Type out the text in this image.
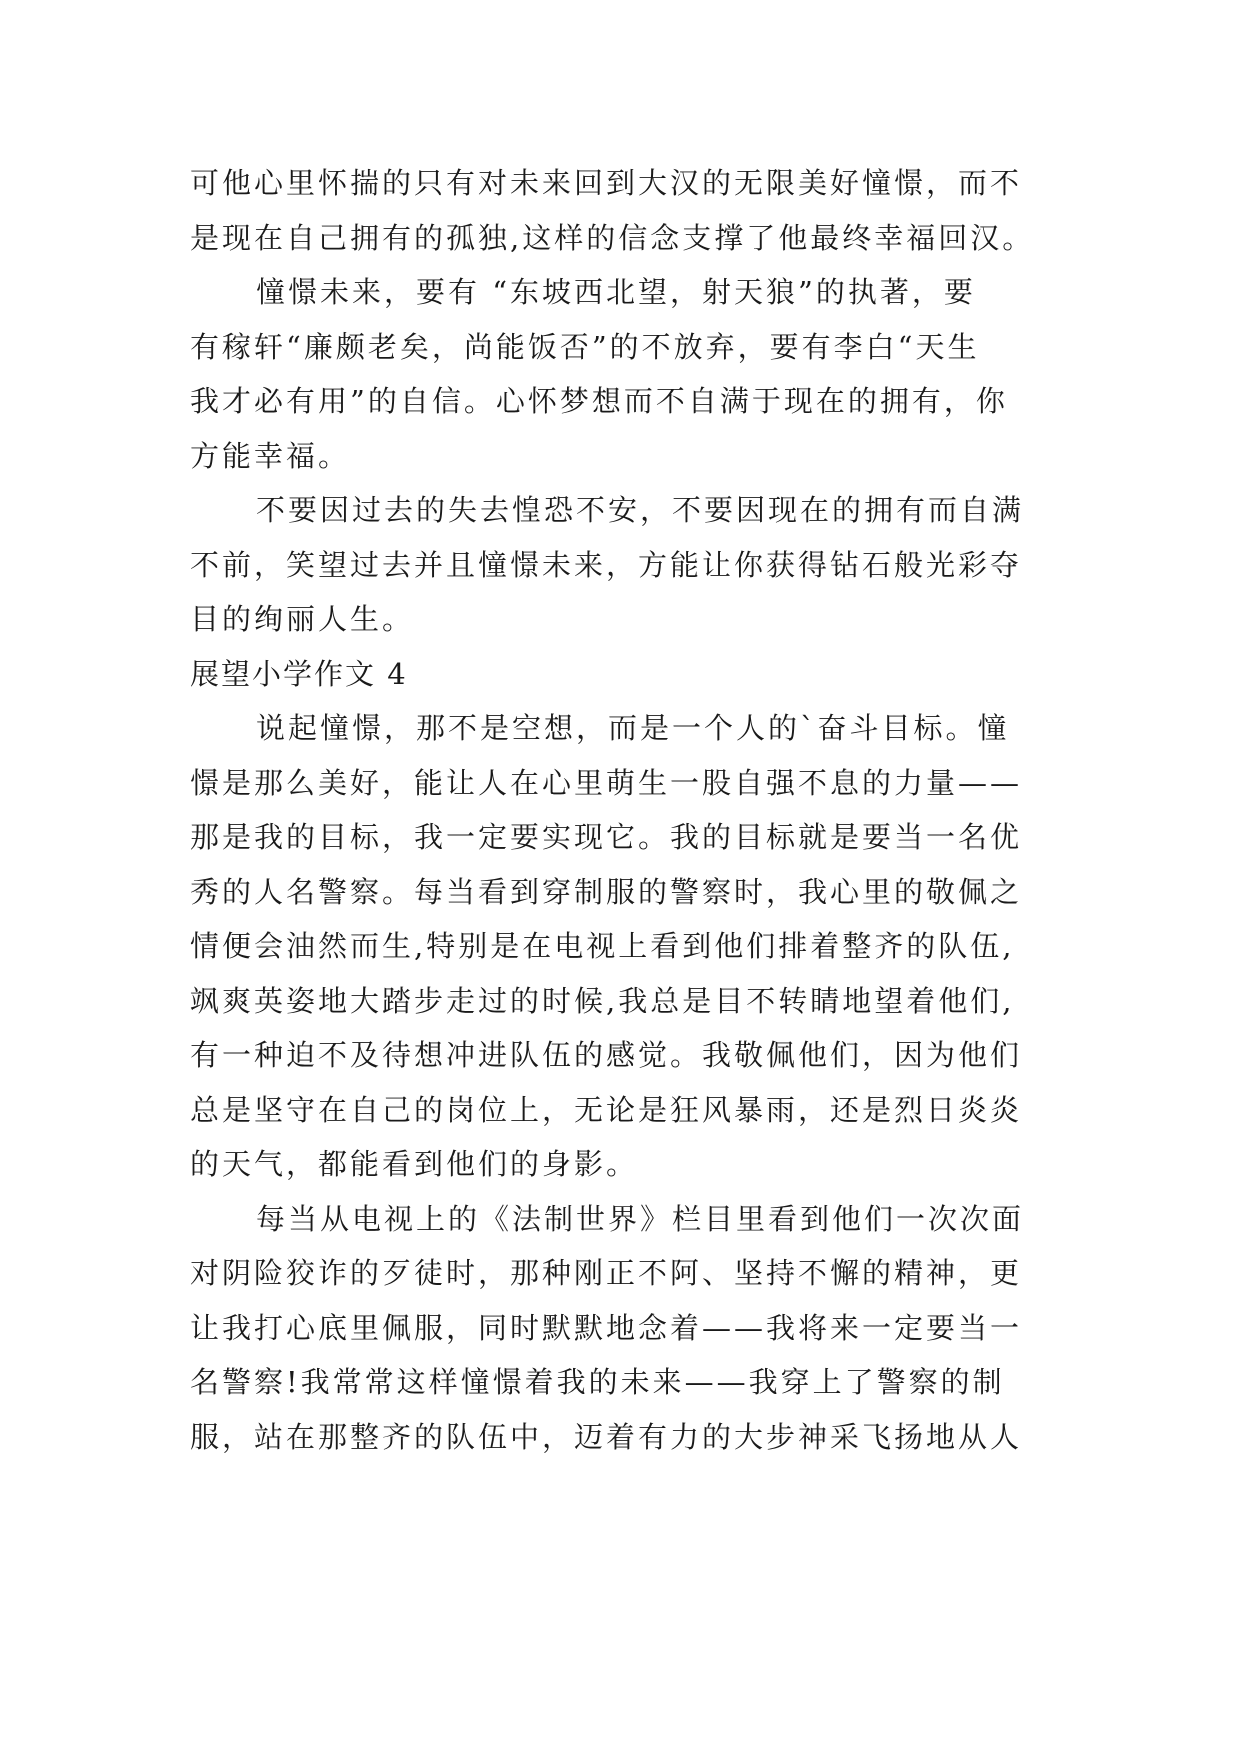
可他心里怀揣的只有对未来回到大汉的无限美好憧憬，而不
是现在自己拥有的孤独,这样的信念支撑了他最终幸福回汉。
憧憬未来，要有 “东坡西北望，射天狼”的执著，要
有稼轩“廉颇老矣，尚能饭否”的不放弃，要有李白“天生
我才必有用”的自信。心怀梦想而不自满于现在的拥有，你
方能幸福。
不要因过去的失去惶恐不安，不要因现在的拥有而自满
不前，笑望过去并且憧憬未来，方能让你获得钻石般光彩夺
目的绚丽人生。
展望小学作文 4
说起憧憬，那不是空想，而是一个人的`奋斗目标。憧
憬是那么美好，能让人在心里萌生一股自强不息的力量——
那是我的目标，我一定要实现它。我的目标就是要当一名优
秀的人名警察。每当看到穿制服的警察时，我心里的敬佩之
情便会油然而生,特别是在电视上看到他们排着整齐的队伍,
飒爽英姿地大踏步走过的时候,我总是目不转睛地望着他们,
有一种迫不及待想冲进队伍的感觉。我敬佩他们，因为他们
总是坚守在自己的岗位上，无论是狂风暴雨，还是烈日炎炎
的天气，都能看到他们的身影。
每当从电视上的《法制世界》栏目里看到他们一次次面
对阴险狡诈的歹徒时，那种刚正不阿、坚持不懈的精神，更
让我打心底里佩服，同时默默地念着——我将来一定要当一
名警察!我常常这样憧憬着我的未来——我穿上了警察的制
服，站在那整齐的队伍中，迈着有力的大步神采飞扬地从人
